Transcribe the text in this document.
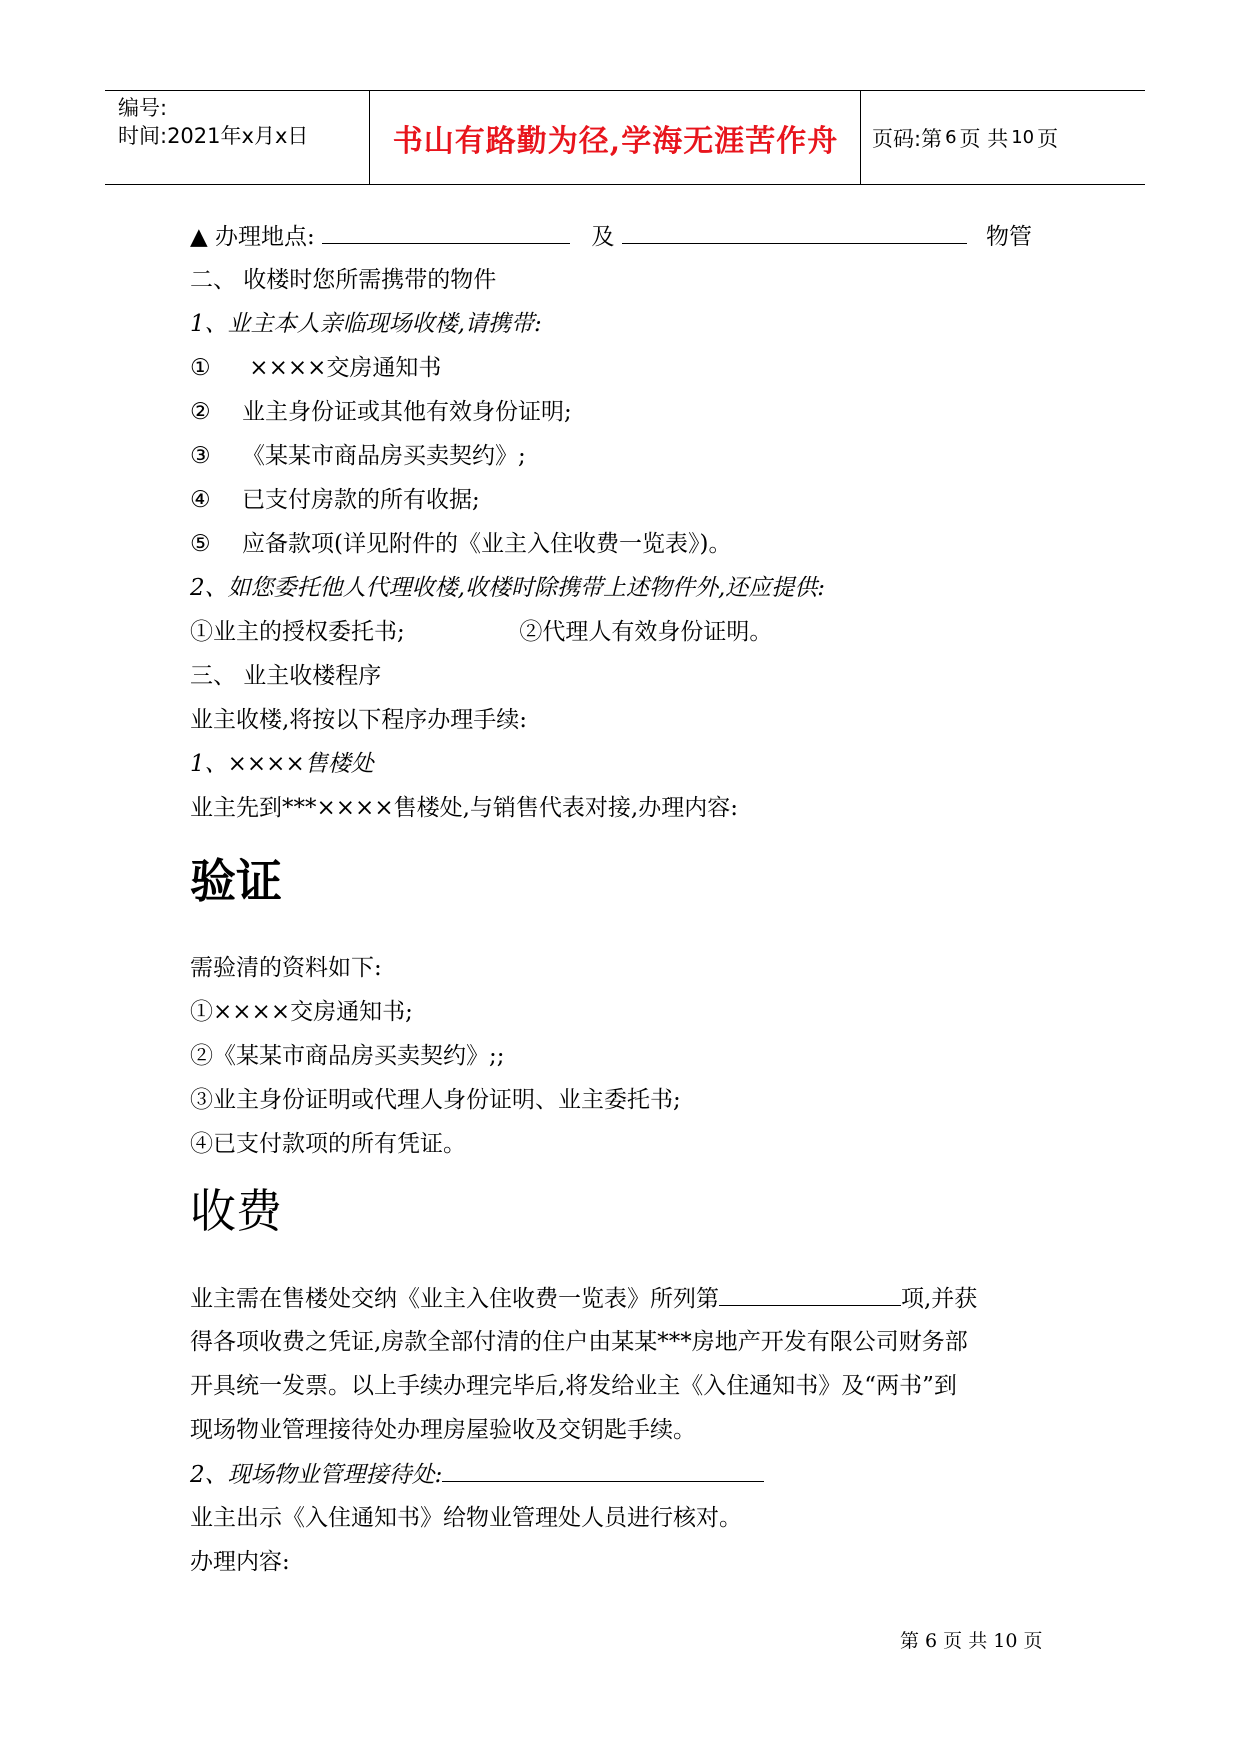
编号:
时间:2021年x月x日	书山有路勤为径,学海无涯苦作舟	页码:第 6 页 共 10 页
▲ 办理地点:	及	物管
二、 收楼时您所需携带的物件
1、业主本人亲临现场收楼,请携带:
① ××××交房通知书
② 业主身份证或其他有效身份证明;
③ 《某某市商品房买卖契约》;
④ 已支付房款的所有收据;
⑤ 应备款项(详见附件的《业主入住收费一览表》)。
2、如您委托他人代理收楼,收楼时除携带上述物件外,还应提供:
①业主的授权委托书;	②代理人有效身份证明。
三、 业主收楼程序
业主收楼,将按以下程序办理手续:
1、××××售楼处
业主先到***××××售楼处,与销售代表对接,办理内容:
验证
需验清的资料如下:
①××××交房通知书;
②《某某市商品房买卖契约》;;
③业主身份证明或代理人身份证明、业主委托书;
④已支付款项的所有凭证。
收费
业主需在售楼处交纳《业主入住收费一览表》所列第	项,并获
得各项收费之凭证,房款全部付清的住户由某某***房地产开发有限公司财务部
开具统一发票。以上手续办理完毕后,将发给业主《入住通知书》及“两书”到
现场物业管理接待处办理房屋验收及交钥匙手续。
2、现场物业管理接待处:
业主出示《入住通知书》给物业管理处人员进行核对。
办理内容:
第 6 页 共 10 页
